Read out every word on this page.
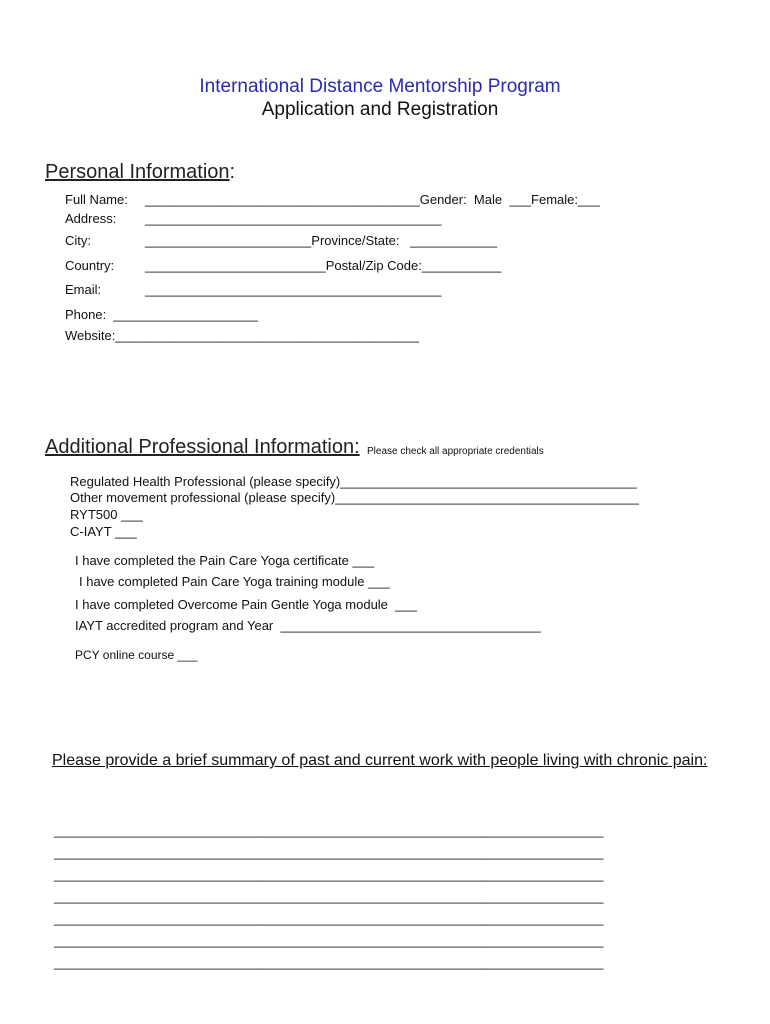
International Distance Mentorship Program
Application and Registration
Personal Information:
Full Name: ______________________________________Gender:  Male  ___Female:___
Address: _________________________________________
City:	_______________________Province/State:   ____________
Country: _________________________Postal/Zip Code:___________
Email:	_________________________________________
Phone:  ____________________
Website:__________________________________________
Additional Professional Information: Please check all appropriate credentials
Regulated Health Professional (please specify)_________________________________________
Other movement professional (please specify)__________________________________________
RYT500 ___
C-IAYT ___
I have completed the Pain Care Yoga certificate ___
I have completed Pain Care Yoga training module ___
I have completed Overcome Pain Gentle Yoga module  ___
IAYT accredited program and Year  ____________________________________
PCY online course ___
Please provide a brief summary of past and current work with people living with chronic pain:
____________________________________________________________________________
____________________________________________________________________________
____________________________________________________________________________
____________________________________________________________________________
____________________________________________________________________________
____________________________________________________________________________
____________________________________________________________________________
